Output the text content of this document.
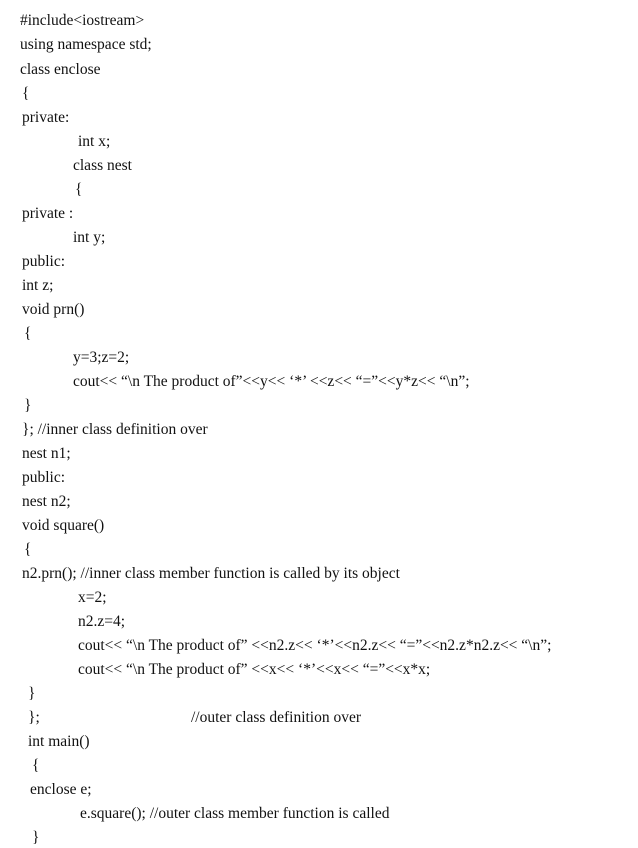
#include<iostream>
using namespace std;
class enclose
{
private:
int x;
class nest
{
private :
int y;
public:
int z;
void prn()
{
y=3;z=2;
cout<< “\n The product of”<<y<< ‘*’ <<z<< “=”<<y*z<< “\n”;
}
}; //inner class definition over
nest n1;
public:
nest n2;
void square()
{
n2.prn(); //inner class member function is called by its object
x=2;
n2.z=4;
cout<< “\n The product of” <<n2.z<< ‘*’<<n2.z<< “=”<<n2.z*n2.z<< “\n”;
cout<< “\n The product of” <<x<< ‘*’<<x<< “=”<<x*x;
}
};	//outer class definition over
int main()
{
enclose e;
e.square(); //outer class member function is called
}
